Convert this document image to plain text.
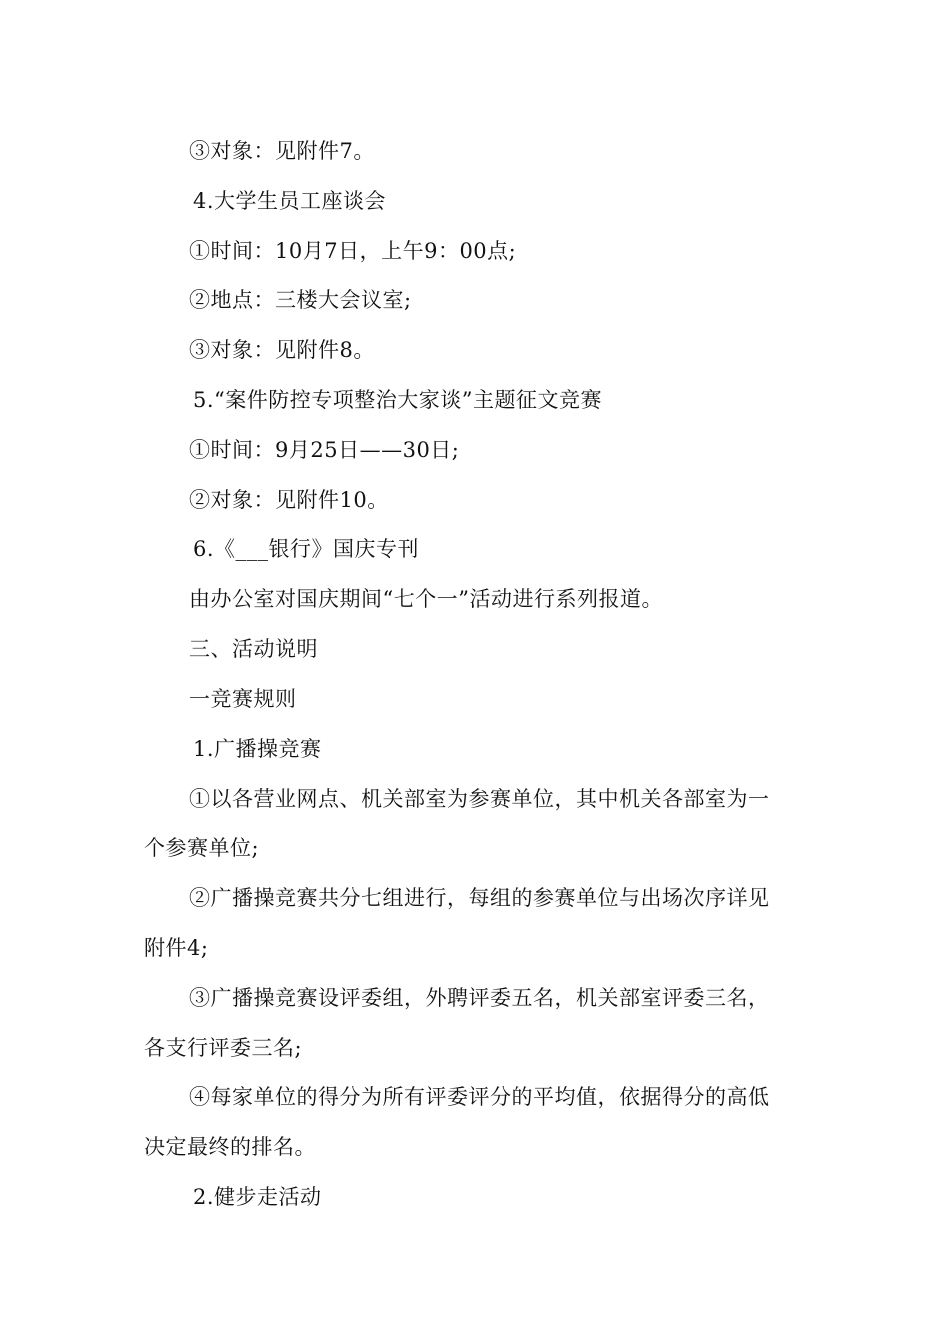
③对象：见附件7。
4.大学生员工座谈会
①时间：10月7日，上午9：00点;
②地点：三楼大会议室;
③对象：见附件8。
5.“案件防控专项整治大家谈”主题征文竞赛
①时间：9月25日——30日;
②对象：见附件10。
6.《___银行》国庆专刊
由办公室对国庆期间“七个一”活动进行系列报道。
三、活动说明
一竞赛规则
1.广播操竞赛
①以各营业网点、机关部室为参赛单位，其中机关各部室为一
个参赛单位;
②广播操竞赛共分七组进行，每组的参赛单位与出场次序详见
附件4;
③广播操竞赛设评委组，外聘评委五名，机关部室评委三名，
各支行评委三名;
④每家单位的得分为所有评委评分的平均值，依据得分的高低
决定最终的排名。
2.健步走活动
